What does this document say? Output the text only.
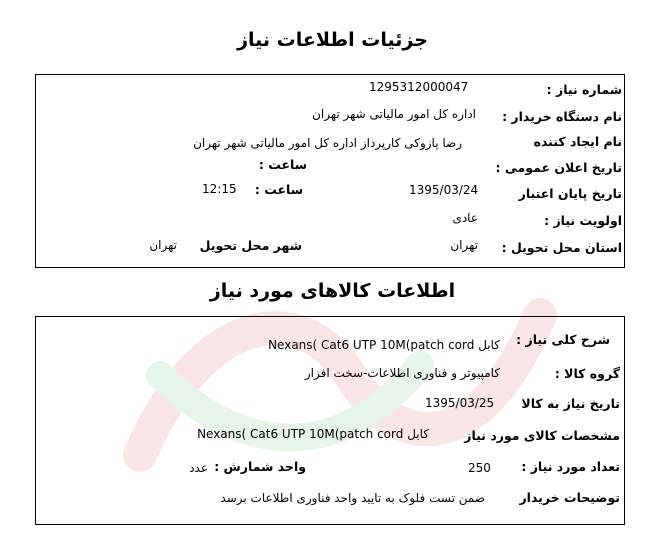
جزئیات اطلاعات نیاز
شماره نیاز :
1295312000047
نام دستگاه خریدار :
اداره کل امور مالیاتی شهر تهران
نام ایجاد کننده
رضا پازوکی کارپرداز اداره کل امور مالیاتی شهر تهران
تاریخ اعلان عمومی :
ساعت :
تاریخ پایان اعتبار
1395/03/24
ساعت :
12:15
اولویت نیاز :
عادی
استان محل تحویل :
تهران
شهر محل تحویل
تهران
اطلاعات کالاهای مورد نیاز
شرح کلی نیاز :
کابل Nexans( Cat6 UTP 10M(patch cord
گروه کالا :
کامپیوتر و فناوری اطلاعات-سخت افزار
تاریخ نیاز به کالا
1395/03/25
مشخصات کالای مورد نیاز
کابل Nexans( Cat6 UTP 10M(patch cord
تعداد مورد نیاز :
250
واحد شمارش :
عدد
توضیحات خریدار
ضمن تست فلوک به تایید واحد فناوری اطلاعات برسد
